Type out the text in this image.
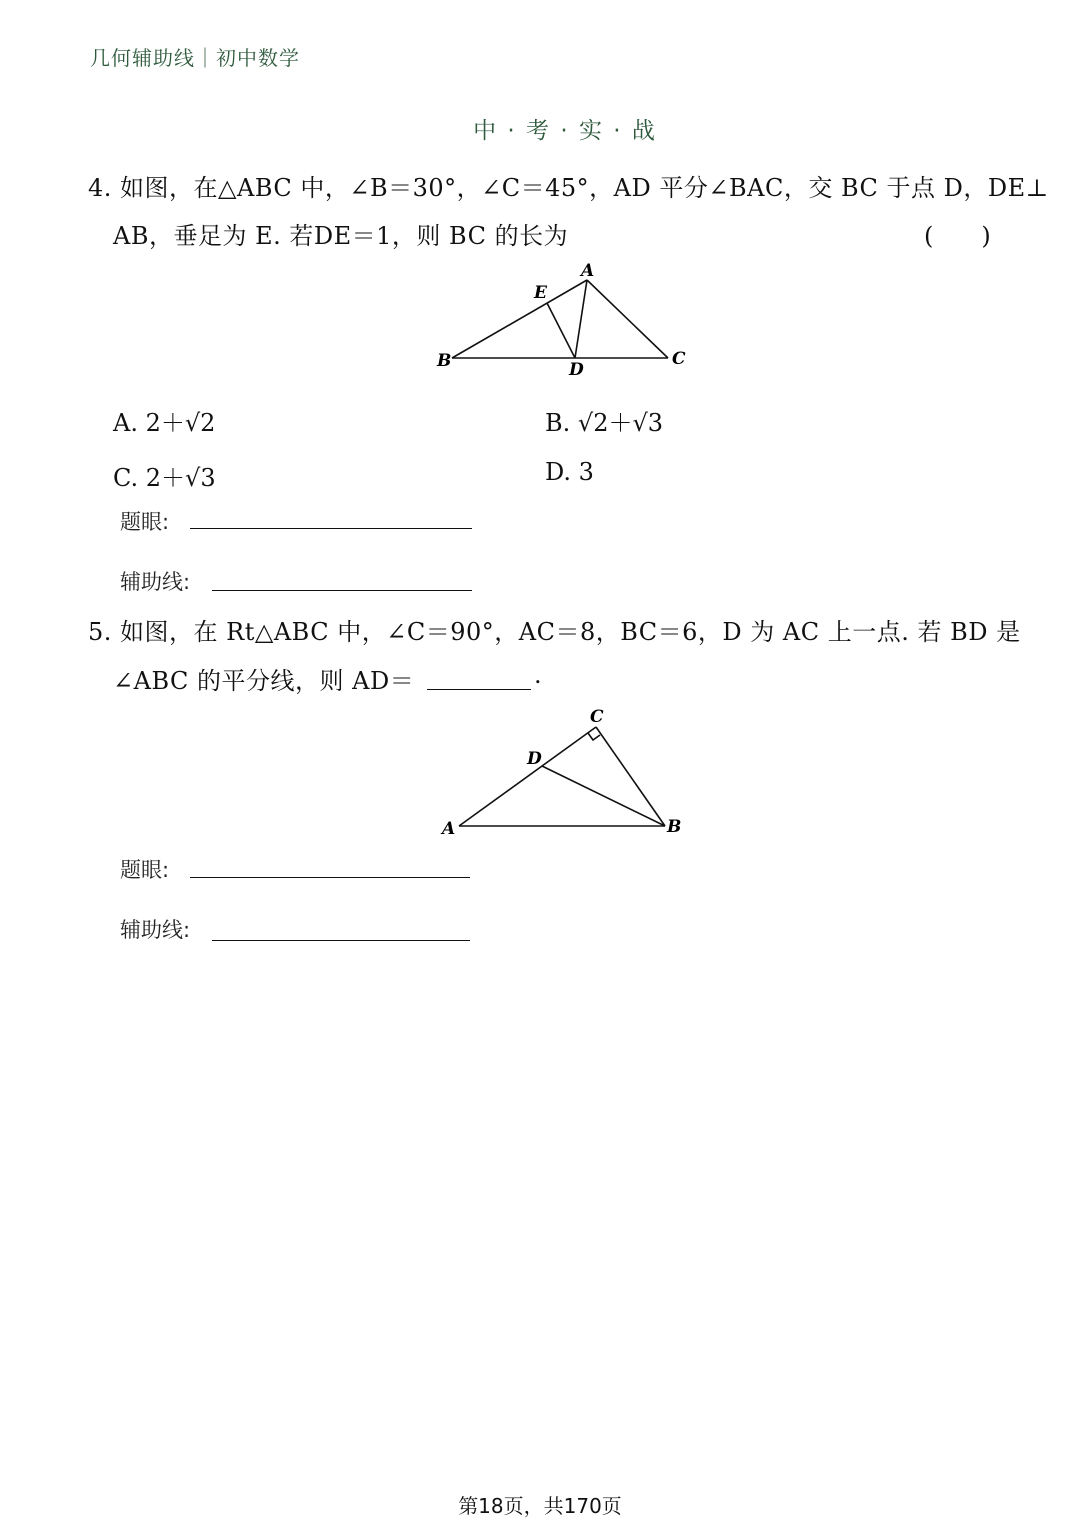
几何辅助线｜初中数学
中 · 考 · 实 · 战
4. 如图，在△ABC 中，∠B＝30°，∠C＝45°，AD 平分∠BAC，交 BC 于点 D，DE⊥
AB，垂足为 E. 若DE＝1，则 BC 的长为	(　　)
A
E
B	D
C
A. 2＋√2	B. √2＋√3
C. 2＋√3	D. 3
题眼:
辅助线:
5. 如图，在 Rt△ABC 中，∠C＝90°，AC＝8，BC＝6，D 为 AC 上一点. 若 BD 是
∠ABC 的平分线，则 AD＝	.
C
D
A	B
题眼:
辅助线:
第18页，共170页
